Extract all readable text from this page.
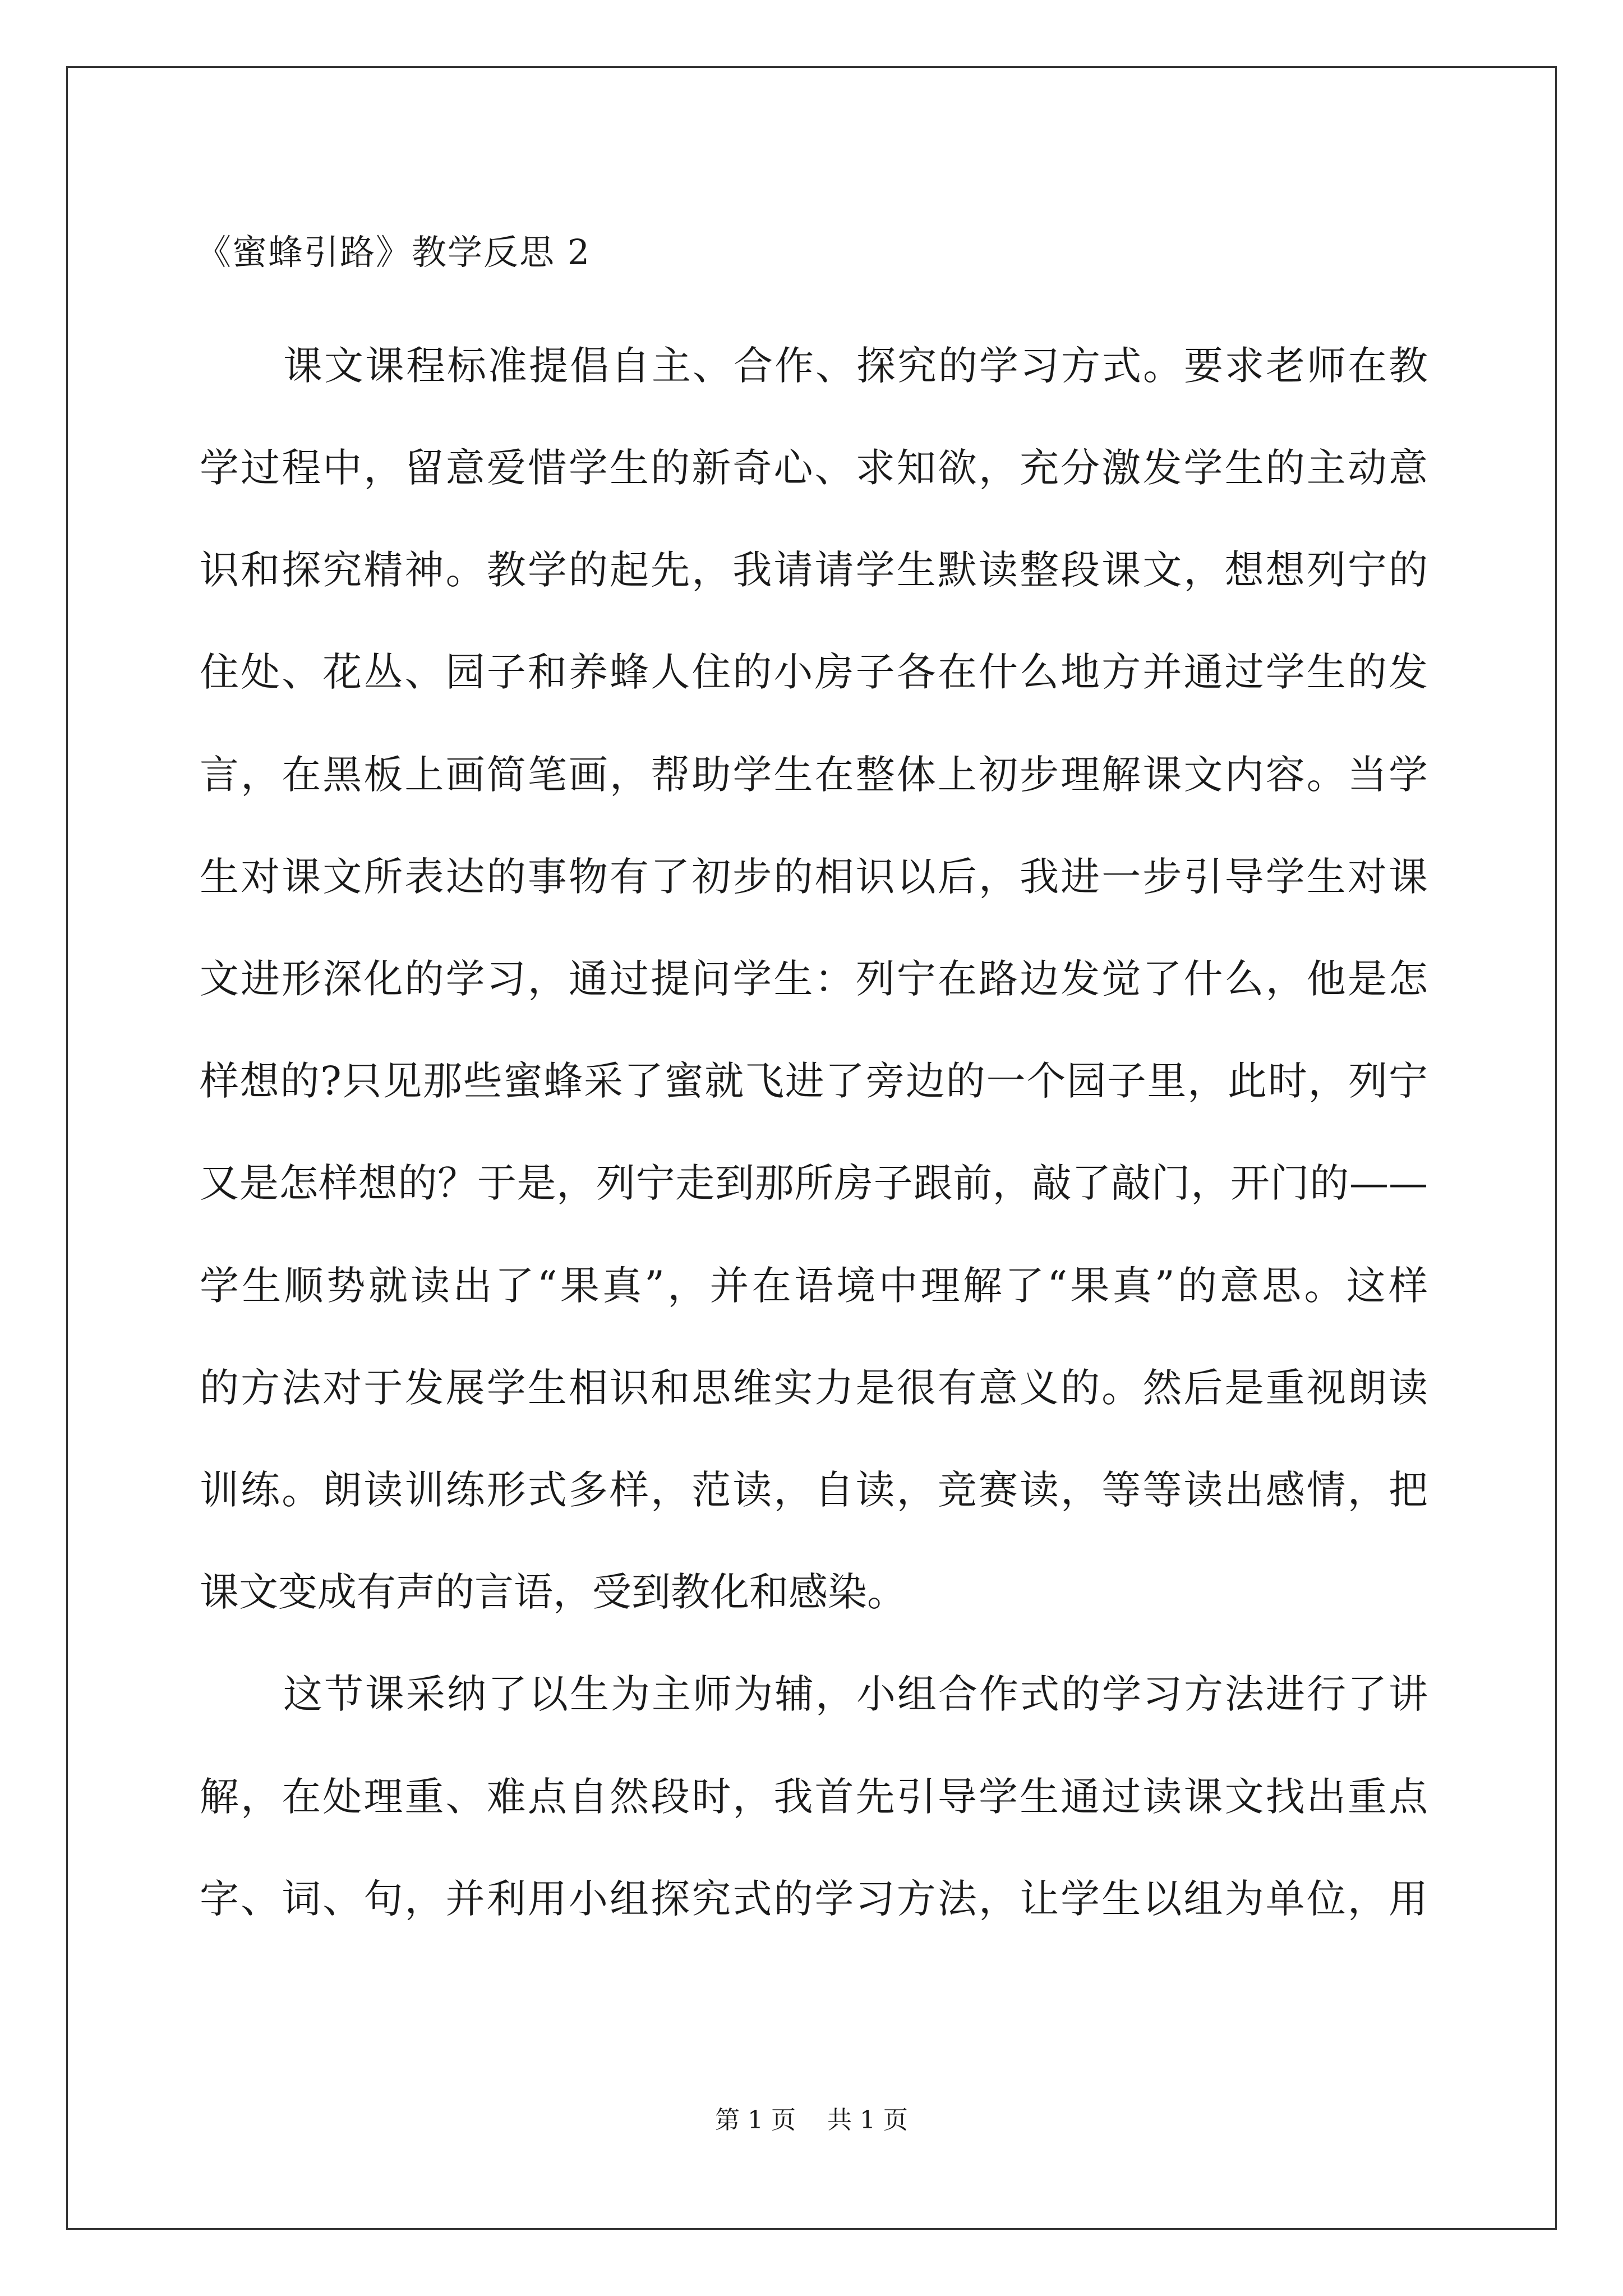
《蜜蜂引路》教学反思 2
课文课程标准提倡自主、合作、探究的学习方式。要求老师在教
学过程中，留意爱惜学生的新奇心、求知欲，充分激发学生的主动意
识和探究精神。教学的起先，我请请学生默读整段课文，想想列宁的
住处、花丛、园子和养蜂人住的小房子各在什么地方并通过学生的发
言，在黑板上画简笔画，帮助学生在整体上初步理解课文内容。当学
生对课文所表达的事物有了初步的相识以后，我进一步引导学生对课
文进形深化的学习，通过提问学生：列宁在路边发觉了什么，他是怎
样想的?只见那些蜜蜂采了蜜就飞进了旁边的一个园子里，此时，列宁
又是怎样想的？于是，列宁走到那所房子跟前，敲了敲门，开门的——
学生顺势就读出了“果真”，并在语境中理解了“果真”的意思。这样
的方法对于发展学生相识和思维实力是很有意义的。然后是重视朗读
训练。朗读训练形式多样，范读，自读，竞赛读，等等读出感情，把
课文变成有声的言语，受到教化和感染。
这节课采纳了以生为主师为辅，小组合作式的学习方法进行了讲
解，在处理重、难点自然段时，我首先引导学生通过读课文找出重点
字、词、句，并利用小组探究式的学习方法，让学生以组为单位，用
第 1 页    共 1 页
